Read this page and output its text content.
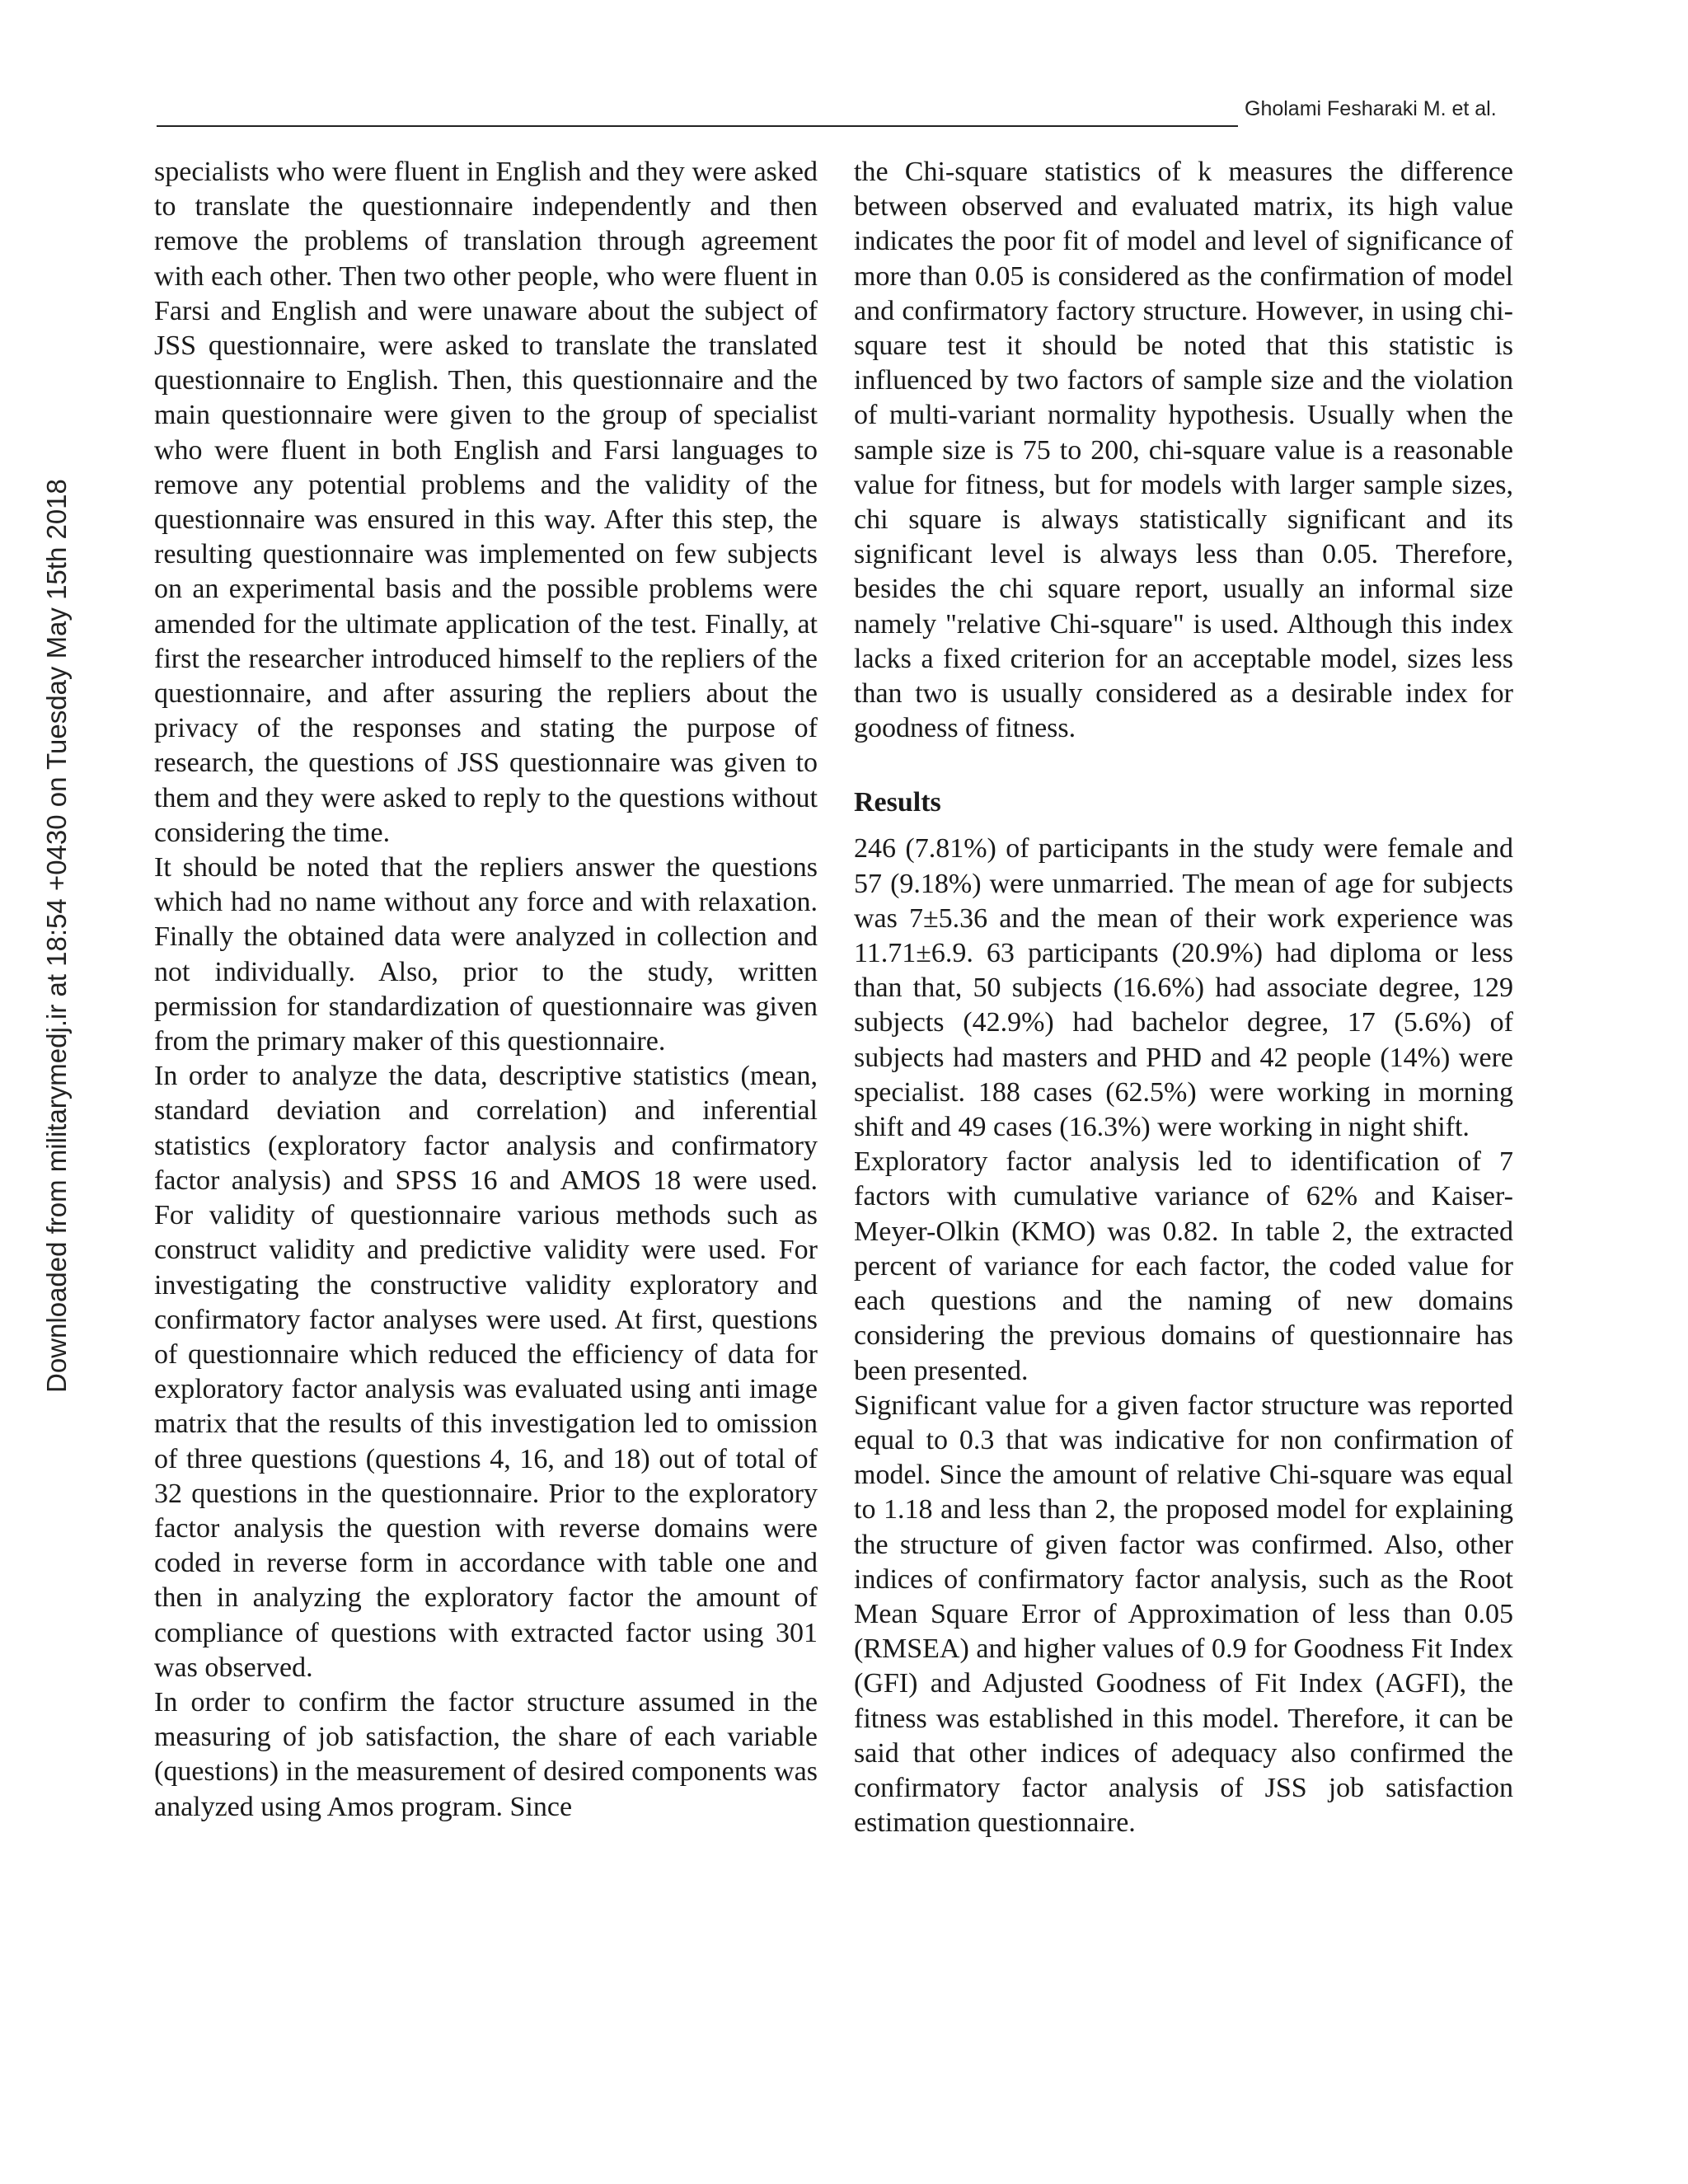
Gholami Fesharaki M. et al.
Downloaded from militarymedj.ir at 18:54 +0430 on Tuesday May 15th 2018

specialists who were fluent in English and they were asked to translate the questionnaire independently and then remove the problems of translation through agreement with each other. Then two other people, who were fluent in Farsi and English and were unaware about the subject of JSS questionnaire, were asked to translate the translated questionnaire to English. Then, this questionnaire and the main questionnaire were given to the group of specialist who were fluent in both English and Farsi languages to remove any potential problems and the validity of the questionnaire was ensured in this way. After this step, the resulting questionnaire was implemented on few subjects on an experimental basis and the possible problems were amended for the ultimate application of the test. Finally, at first the researcher introduced himself to the repliers of the questionnaire, and after assuring the repliers about the privacy of the responses and stating the purpose of research, the questions of JSS questionnaire was given to them and they were asked to reply to the questions without considering the time.

It should be noted that the repliers answer the questions which had no name without any force and with relaxation. Finally the obtained data were analyzed in collection and not individually. Also, prior to the study, written permission for standardization of questionnaire was given from the primary maker of this questionnaire.

In order to analyze the data, descriptive statistics (mean, standard deviation and correlation) and inferential statistics (exploratory factor analysis and confirmatory factor analysis) and SPSS 16 and AMOS 18 were used. For validity of questionnaire various methods such as construct validity and predictive validity were used. For investigating the constructive validity exploratory and confirmatory factor analyses were used. At first, questions of questionnaire which reduced the efficiency of data for exploratory factor analysis was evaluated using anti image matrix that the results of this investigation led to omission of three questions (questions 4, 16, and 18) out of total of 32 questions in the questionnaire. Prior to the exploratory factor analysis the question with reverse domains were coded in reverse form in accordance with table one and then in analyzing the exploratory factor the amount of compliance of questions with extracted factor using 301 was observed.

In order to confirm the factor structure assumed in the measuring of job satisfaction, the share of each variable (questions) in the measurement of desired components was analyzed using Amos program. Since

the Chi-square statistics of k measures the difference between observed and evaluated matrix, its high value indicates the poor fit of model and level of significance of more than 0.05 is considered as the confirmation of model and confirmatory factory structure. However, in using chi-square test it should be noted that this statistic is influenced by two factors of sample size and the violation of multi-variant normality hypothesis. Usually when the sample size is 75 to 200, chi-square value is a reasonable value for fitness, but for models with larger sample sizes, chi square is always statistically significant and its significant level is always less than 0.05. Therefore, besides the chi square report, usually an informal size namely "relative Chi-square" is used. Although this index lacks a fixed criterion for an acceptable model, sizes less than two is usually considered as a desirable index for goodness of fitness.

Results

246 (7.81%) of participants in the study were female and 57 (9.18%) were unmarried. The mean of age for subjects was 7±5.36 and the mean of their work experience was 11.71±6.9. 63 participants (20.9%) had diploma or less than that, 50 subjects (16.6%) had associate degree, 129 subjects (42.9%) had bachelor degree, 17 (5.6%) of subjects had masters and PHD and 42 people (14%) were specialist. 188 cases (62.5%) were working in morning shift and 49 cases (16.3%) were working in night shift.

Exploratory factor analysis led to identification of 7 factors with cumulative variance of 62% and Kaiser-Meyer-Olkin (KMO) was 0.82. In table 2, the extracted percent of variance for each factor, the coded value for each questions and the naming of new domains considering the previous domains of questionnaire has been presented.

Significant value for a given factor structure was reported equal to 0.3 that was indicative for non confirmation of model. Since the amount of relative Chi-square was equal to 1.18 and less than 2, the proposed model for explaining the structure of given factor was confirmed. Also, other indices of confirmatory factor analysis, such as the Root Mean Square Error of Approximation of less than 0.05 (RMSEA) and higher values of 0.9 for Goodness Fit Index (GFI) and Adjusted Goodness of Fit Index (AGFI), the fitness was established in this model. Therefore, it can be said that other indices of adequacy also confirmed the confirmatory factor analysis of JSS job satisfaction estimation questionnaire.
